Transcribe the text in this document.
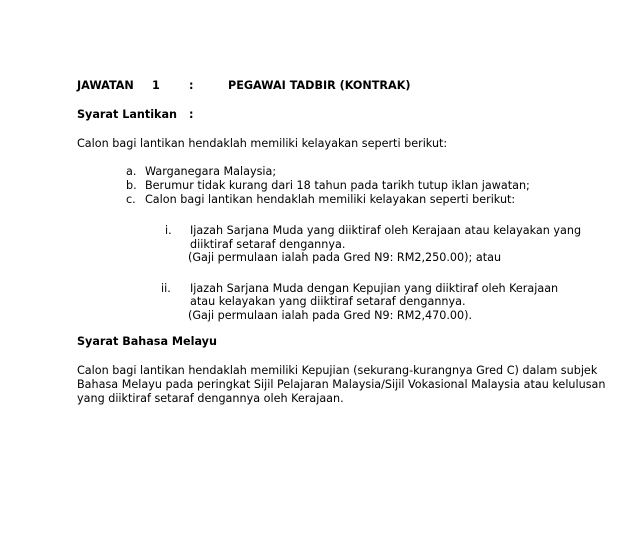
JAWATAN 1	:	PEGAWAI TADBIR (KONTRAK)
Syarat Lantikan :
Calon bagi lantikan hendaklah memiliki kelayakan seperti berikut:
a. Warganegara Malaysia;
b. Berumur tidak kurang dari 18 tahun pada tarikh tutup iklan jawatan;
c. Calon bagi lantikan hendaklah memiliki kelayakan seperti berikut:
i. Ijazah Sarjana Muda yang diiktiraf oleh Kerajaan atau kelayakan yang
diiktiraf setaraf dengannya.
(Gaji permulaan ialah pada Gred N9: RM2,250.00); atau
ii. Ijazah Sarjana Muda dengan Kepujian yang diiktiraf oleh Kerajaan
atau kelayakan yang diiktiraf setaraf dengannya.
(Gaji permulaan ialah pada Gred N9: RM2,470.00).
Syarat Bahasa Melayu
Calon bagi lantikan hendaklah memiliki Kepujian (sekurang-kurangnya Gred C) dalam subjek
Bahasa Melayu pada peringkat Sijil Pelajaran Malaysia/Sijil Vokasional Malaysia atau kelulusan
yang diiktiraf setaraf dengannya oleh Kerajaan.
